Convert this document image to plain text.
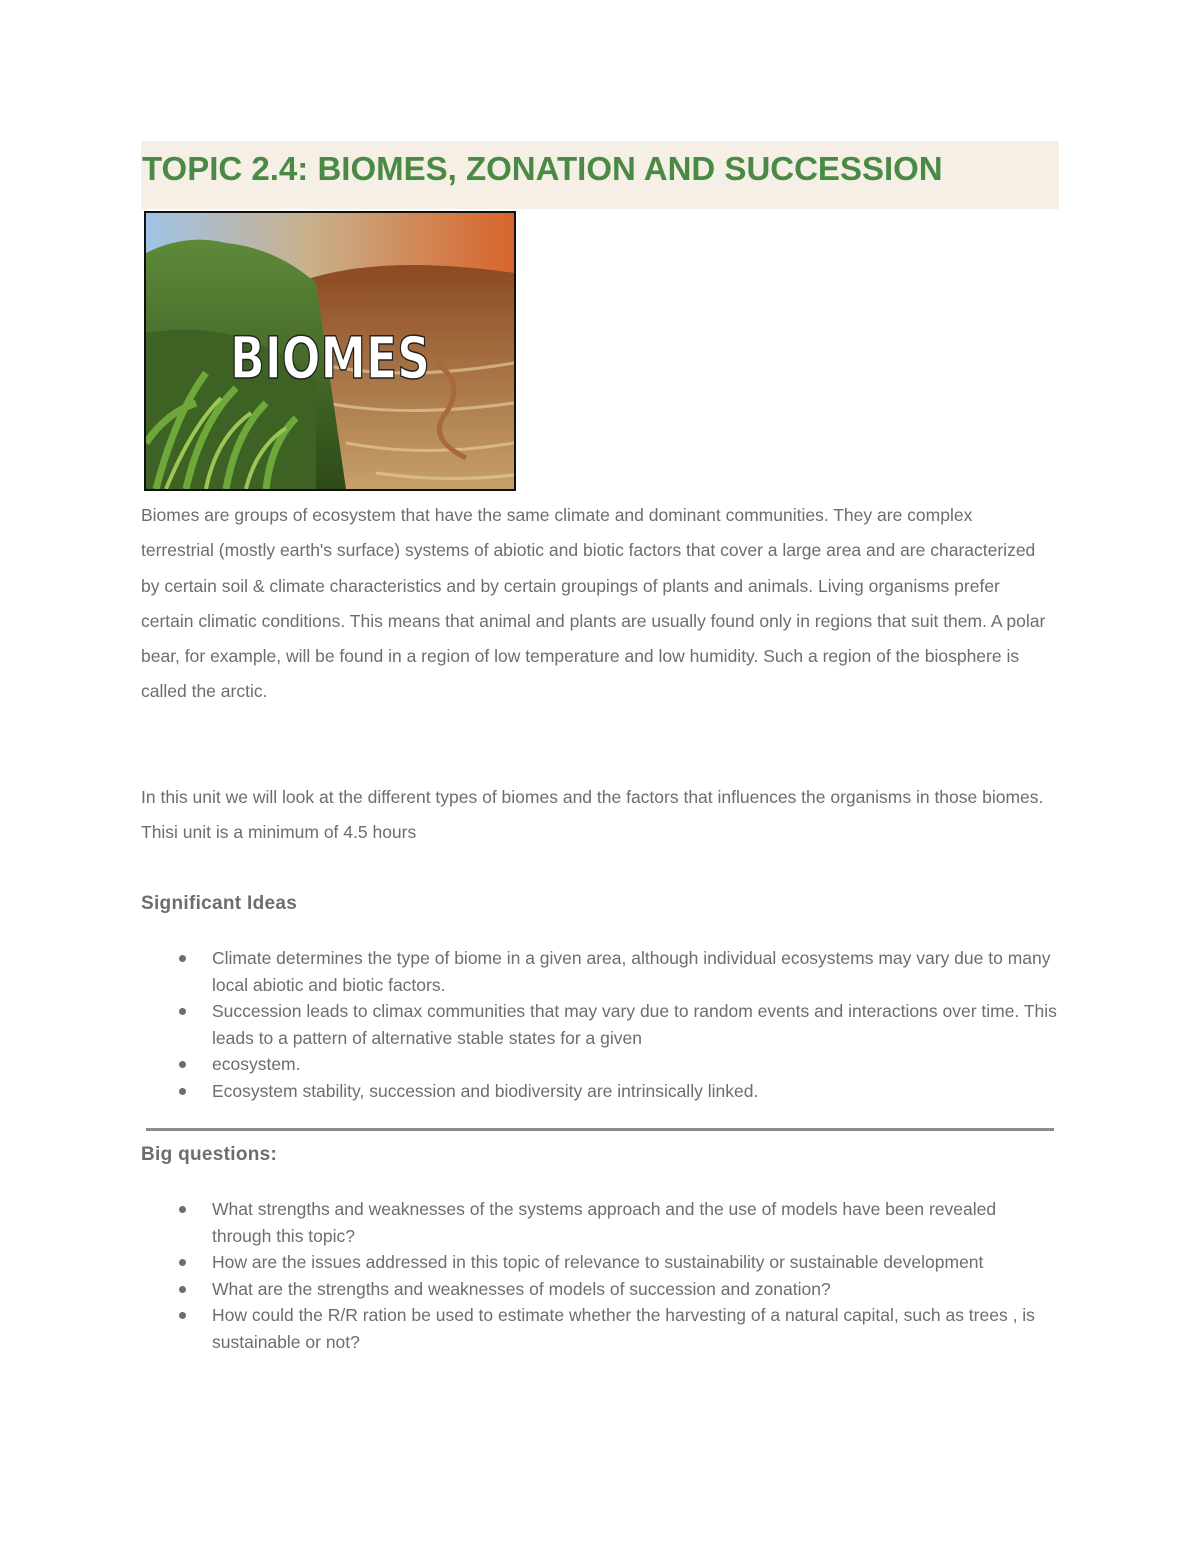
TOPIC 2.4: BIOMES, ZONATION AND SUCCESSION
BIOMES

Biomes are groups of ecosystem that have the same climate and dominant communities. They are complex terrestrial (mostly earth's surface) systems of abiotic and biotic factors that cover a large area and are characterized by certain soil & climate characteristics and by certain groupings of plants and animals. Living organisms prefer certain climatic conditions. This means that animal and plants are usually found only in regions that suit them. A polar bear, for example, will be found in a region of low temperature and low humidity. Such a region of the biosphere is called the arctic.

In this unit we will look at the different types of biomes and the factors that influences the organisms in those biomes. Thisi unit is a minimum of 4.5 hours

Significant Ideas
Climate determines the type of biome in a given area, although individual ecosystems may vary due to many local abiotic and biotic factors.
Succession leads to climax communities that may vary due to random events and interactions over time. This leads to a pattern of alternative stable states for a given
ecosystem.
Ecosystem stability, succession and biodiversity are intrinsically linked.
Big questions:
What strengths and weaknesses of the systems approach and the use of models have been revealed through this topic?
How are the issues addressed in this topic of relevance to sustainability or sustainable development
What are the strengths and weaknesses of models of succession and zonation?
How could the R/R ration be used to estimate whether the harvesting of a natural capital, such as trees , is sustainable or not?
